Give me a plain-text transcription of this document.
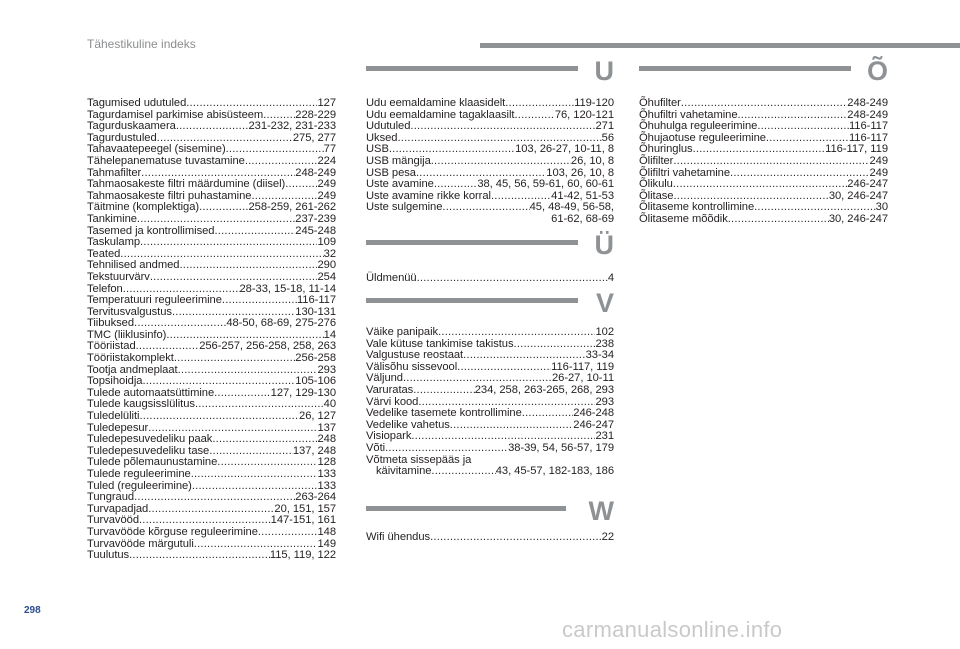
Tähestikuline indeks
Tagumised udutuled .....	127
Tagurdamisel parkimise abisüsteem .....	228-229
Tagurduskaamera .....	231-232, 231-233
Tagurdustuled .....	275, 277
Tahavaatepeegel (sisemine) .....	77
Tähelepanematuse tuvastamine .....	224
Tahmafilter .....	248-249
Tahmaosakeste filtri määrdumine (diisel) .....	249
Tahmaosakeste filtri puhastamine .....	249
Täitmine (komplektiga) .....	258-259, 261-262
Tankimine .....	237-239
Tasemed ja kontrollimised .....	245-248
Taskulamp .....	109
Teated .....	32
Tehnilised andmed .....	290
Tekstuurvärv .....	254
Telefon .....	28-33, 15-18, 11-14
Temperatuuri reguleerimine .....	116-117
Tervitusvalgustus .....	130-131
Tiibuksed .....	48-50, 68-69, 275-276
TMC (liiklusinfo) .....	14
Tööriistad .....	256-257, 256-258, 258, 263
Tööriistakomplekt .....	256-258
Tootja andmeplaat .....	293
Topsihoidja .....	105-106
Tulede automaatsüttimine .....	127, 129-130
Tulede kaugsisslülitus .....	40
Tuledelüliti .....	26, 127
Tuledepesur .....	137
Tuledepesuvedeliku paak .....	248
Tuledepesuvedeliku tase .....	137, 248
Tulede põlemaunustamine .....	128
Tulede reguleerimine .....	133
Tuled (reguleerimine) .....	133
Tungraud .....	263-264
Turvapadjad .....	20, 151, 157
Turvavööd .....	147-151, 161
Turvavööde kõrguse reguleerimine .....	148
Turvavööde märgutuli .....	149
Tuulutus .....	115, 119, 122
U
Udu eemaldamine klaasidelt .....	119-120
Udu eemaldamine tagaklaasilt .....	76, 120-121
Udutuled .....	271
Uksed .....	56
USB .....	103, 26-27, 10-11, 8
USB mängija .....	26, 10, 8
USB pesa .....	103, 26, 10, 8
Uste avamine .....	38, 45, 56, 59-61, 60, 60-61
Uste avamine rikke korral .....	41-42, 51-53
Uste sulgemine .....	45, 48-49, 56-58,
61-62, 68-69
Ü
Üldmenüü .....	4
V
Väike panipaik .....	102
Vale kütuse tankimise takistus .....	238
Valgustuse reostaat .....	33-34
Välisõhu sissevool .....	116-117, 119
Väljund .....	26-27, 10-11
Varuratas .....	234, 258, 263-265, 268, 293
Värvi kood .....	293
Vedelike tasemete kontrollimine .....	246-248
Vedelike vahetus .....	246-247
Visiopark .....	231
Võti .....	38-39, 54, 56-57, 179
Võtmeta sissepääs ja
käivitamine .....	43, 45-57, 182-183, 186
W
Wifi ühendus .....	22
Õ
Õhufilter .....	248-249
Õhufiltri vahetamine .....	248-249
Õhuhulga reguleerimine .....	116-117
Õhujaotuse reguleerimine .....	116-117
Õhuringlus .....	116-117, 119
Õlifilter .....	249
Õlifiltri vahetamine .....	249
Õlikulu .....	246-247
Õlitase .....	30, 246-247
Õlitaseme kontrollimine .....	30
Õlitaseme mõõdik .....	30, 246-247
298
carmanualsonline.info
